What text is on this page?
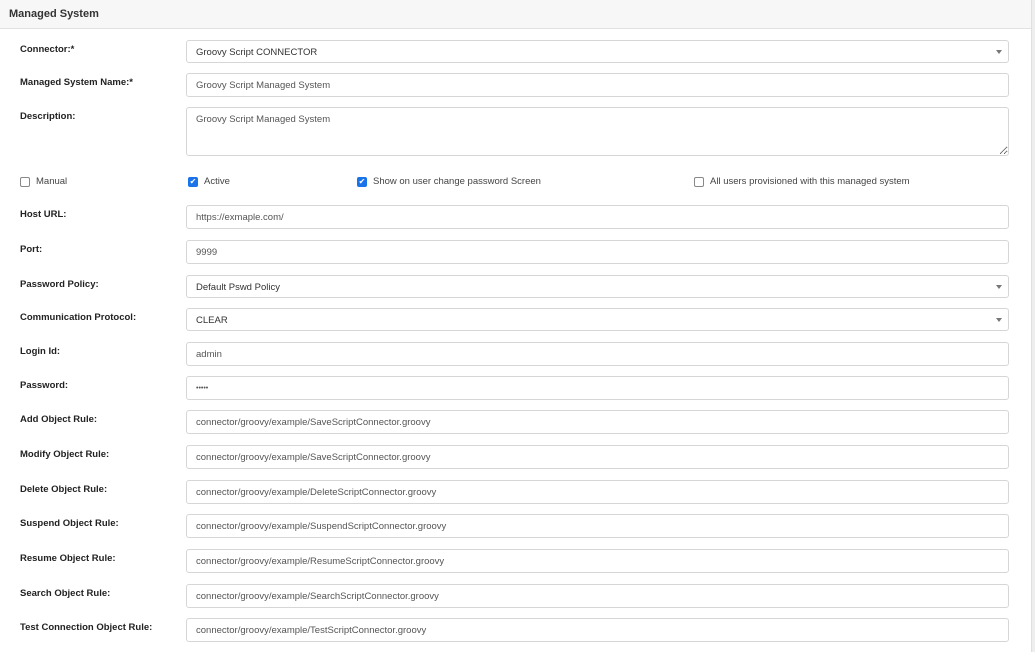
Managed System
Connector:*	Groovy Script CONNECTOR
Managed System Name:*	Groovy Script Managed System
Description:
Groovy Script Managed System
Manual	✔ Active	✔ Show on user change password Screen	All users provisioned with this managed system
Host URL:	https://exmaple.com/
Port:	9999
Password Policy:	Default Pswd Policy
Communication Protocol:	CLEAR
Login Id:	admin
Password:	•••••
Add Object Rule:	connector/groovy/example/SaveScriptConnector.groovy
Modify Object Rule:	connector/groovy/example/SaveScriptConnector.groovy
Delete Object Rule:	connector/groovy/example/DeleteScriptConnector.groovy
Suspend Object Rule:	connector/groovy/example/SuspendScriptConnector.groovy
Resume Object Rule:	connector/groovy/example/ResumeScriptConnector.groovy
Search Object Rule:	connector/groovy/example/SearchScriptConnector.groovy
Test Connection Object Rule:	connector/groovy/example/TestScriptConnector.groovy
